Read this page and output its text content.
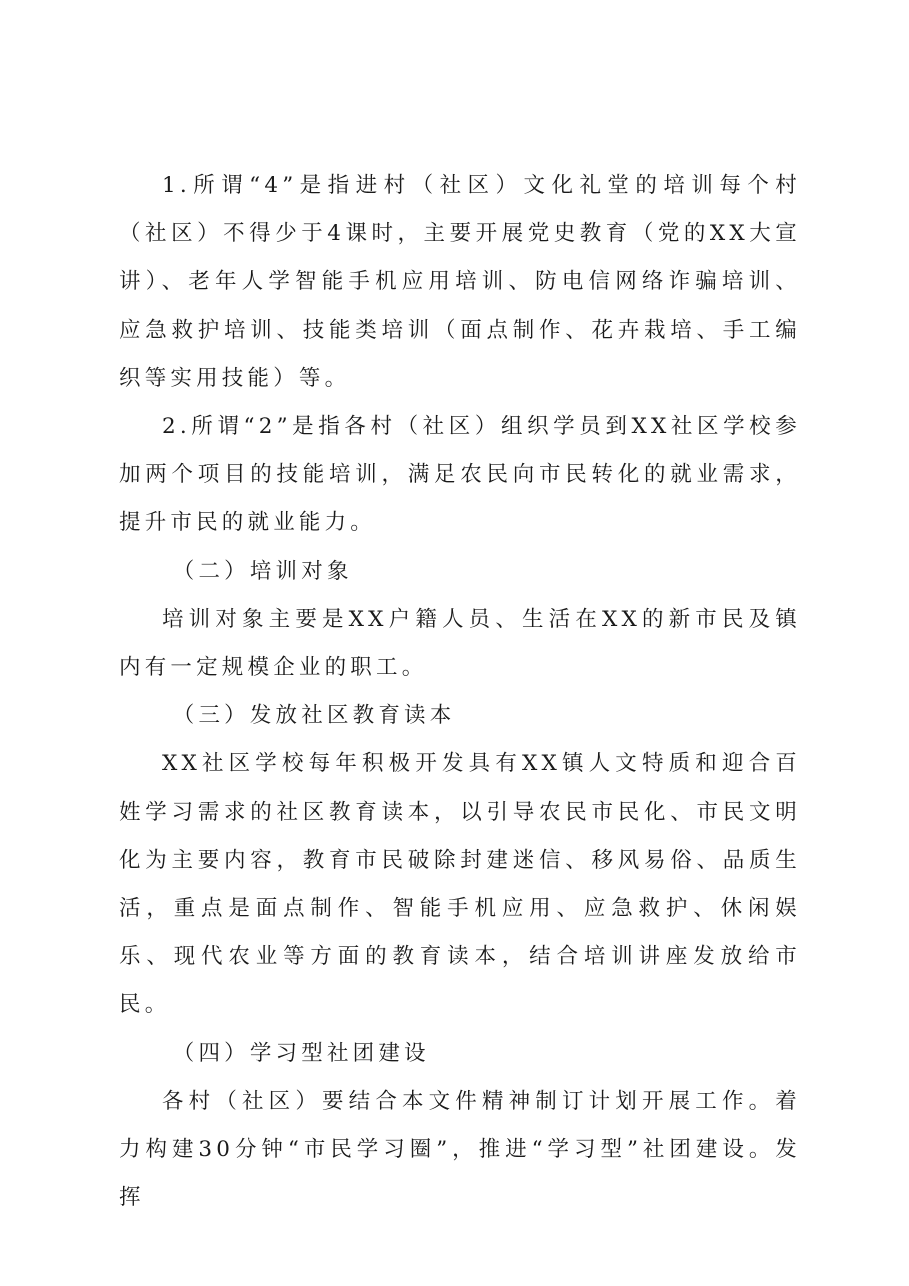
1.所谓“4”是指进村（社区）文化礼堂的培训每个村（社区）不得少于4课时，主要开展党史教育（党的XX大宣讲）、老年人学智能手机应用培训、防电信网络诈骗培训、应急救护培训、技能类培训（面点制作、花卉栽培、手工编织等实用技能）等。

2.所谓“2”是指各村（社区）组织学员到XX社区学校参加两个项目的技能培训，满足农民向市民转化的就业需求，提升市民的就业能力。

（二）培训对象

培训对象主要是XX户籍人员、生活在XX的新市民及镇内有一定规模企业的职工。

（三）发放社区教育读本

XX社区学校每年积极开发具有XX镇人文特质和迎合百姓学习需求的社区教育读本，以引导农民市民化、市民文明化为主要内容，教育市民破除封建迷信、移风易俗、品质生活，重点是面点制作、智能手机应用、应急救护、休闲娱乐、现代农业等方面的教育读本，结合培训讲座发放给市民。

（四）学习型社团建设

各村（社区）要结合本文件精神制订计划开展工作。着力构建30分钟“市民学习圈”，推进“学习型”社团建设。发挥
